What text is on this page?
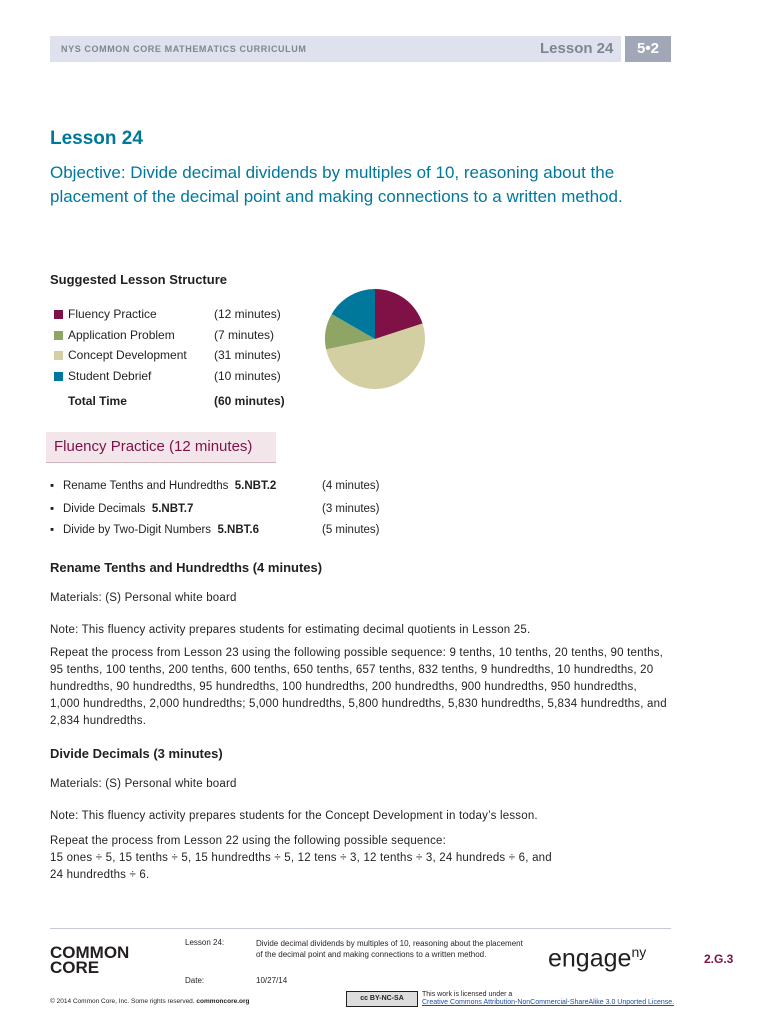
NYS COMMON CORE MATHEMATICS CURRICULUM	Lesson 24	5•2
Lesson 24
Objective: Divide decimal dividends by multiples of 10, reasoning about the placement of the decimal point and making connections to a written method.
Suggested Lesson Structure
Fluency Practice	(12 minutes)
Application Problem	(7 minutes)
Concept Development (31 minutes)
Student Debrief	(10 minutes)
Total Time	(60 minutes)
Fluency Practice (12 minutes)
▪ Rename Tenths and Hundredths 5.NBT.2	(4 minutes)
▪ Divide Decimals 5.NBT.7	(3 minutes)
▪ Divide by Two-Digit Numbers 5.NBT.6	(5 minutes)
Rename Tenths and Hundredths (4 minutes)
Materials: (S) Personal white board
Note: This fluency activity prepares students for estimating decimal quotients in Lesson 25.
Repeat the process from Lesson 23 using the following possible sequence: 9 tenths, 10 tenths, 20 tenths, 90 tenths, 95 tenths, 100 tenths, 200 tenths, 600 tenths, 650 tenths, 657 tenths, 832 tenths, 9 hundredths, 10 hundredths, 20 hundredths, 90 hundredths, 95 hundredths, 100 hundredths, 200 hundredths, 900 hundredths, 950 hundredths, 1,000 hundredths, 2,000 hundredths; 5,000 hundredths, 5,800 hundredths, 5,830 hundredths, 5,834 hundredths, and 2,834 hundredths.
Divide Decimals (3 minutes)
Materials: (S) Personal white board
Note: This fluency activity prepares students for the Concept Development in today’s lesson.
Repeat the process from Lesson 22 using the following possible sequence:
15 ones ÷ 5, 15 tenths ÷ 5, 15 hundredths ÷ 5, 12 tens ÷ 3, 12 tenths ÷ 3, 24 hundreds ÷ 6, and
24 hundredths ÷ 6.
COMMON
CORE
Lesson 24:
Date:
Divide decimal dividends by multiples of 10, reasoning about the placement of the decimal point and making connections to a written method.
10/27/14
engage$^{ny}$	2.G.3
© 2014 Common Core, Inc. Some rights reserved. commoncore.org	cc BY-NC-SA
This work is licensed under a
Creative Commons Attribution-NonCommercial-ShareAlike 3.0 Unported License.
